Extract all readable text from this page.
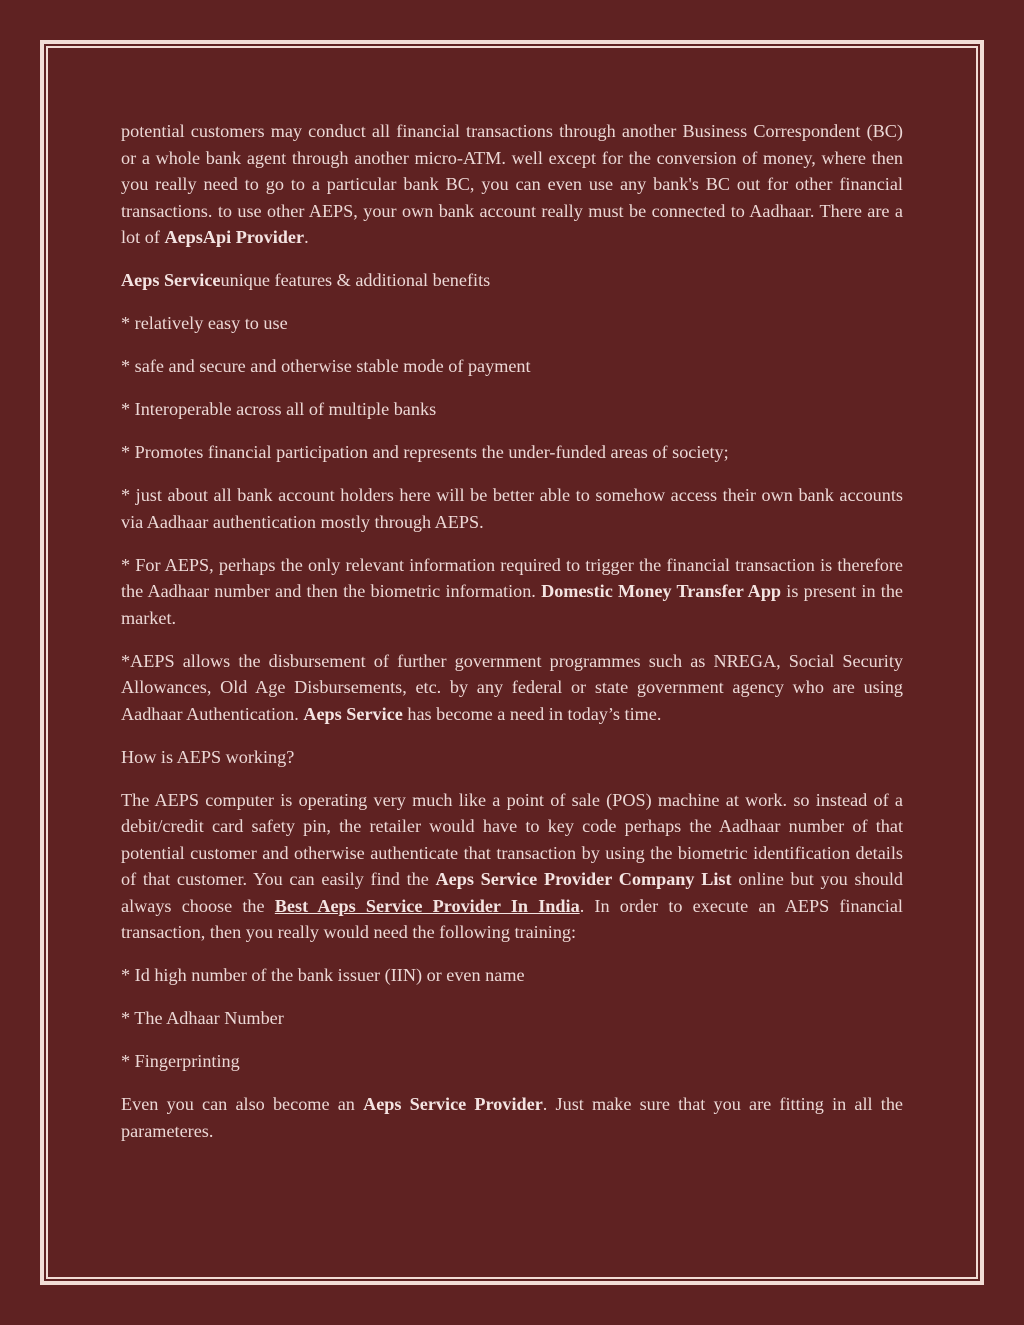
potential customers may conduct all financial transactions through another Business Correspondent (BC) or a whole bank agent through another micro-ATM. well except for the conversion of money, where then you really need to go to a particular bank BC, you can even use any bank's BC out for other financial transactions. to use other AEPS, your own bank account really must be connected to Aadhaar. There are a lot of AepsApi Provider.

Aeps Serviceunique features & additional benefits

* relatively easy to use

* safe and secure and otherwise stable mode of payment

* Interoperable across all of multiple banks

* Promotes financial participation and represents the under-funded areas of society;

* just about all bank account holders here will be better able to somehow access their own bank accounts via Aadhaar authentication mostly through AEPS.

* For AEPS, perhaps the only relevant information required to trigger the financial transaction is therefore the Aadhaar number and then the biometric information. Domestic Money Transfer App is present in the market.

*AEPS allows the disbursement of further government programmes such as NREGA, Social Security Allowances, Old Age Disbursements, etc. by any federal or state government agency who are using Aadhaar Authentication. Aeps Service has become a need in today’s time.

How is AEPS working?

The AEPS computer is operating very much like a point of sale (POS) machine at work. so instead of a debit/credit card safety pin, the retailer would have to key code perhaps the Aadhaar number of that potential customer and otherwise authenticate that transaction by using the biometric identification details of that customer. You can easily find the Aeps Service Provider Company List online but you should always choose the Best Aeps Service Provider In India. In order to execute an AEPS financial transaction, then you really would need the following training:

* Id high number of the bank issuer (IIN) or even name

* The Adhaar Number

* Fingerprinting

Even you can also become an Aeps Service Provider. Just make sure that you are fitting in all the parameteres.
